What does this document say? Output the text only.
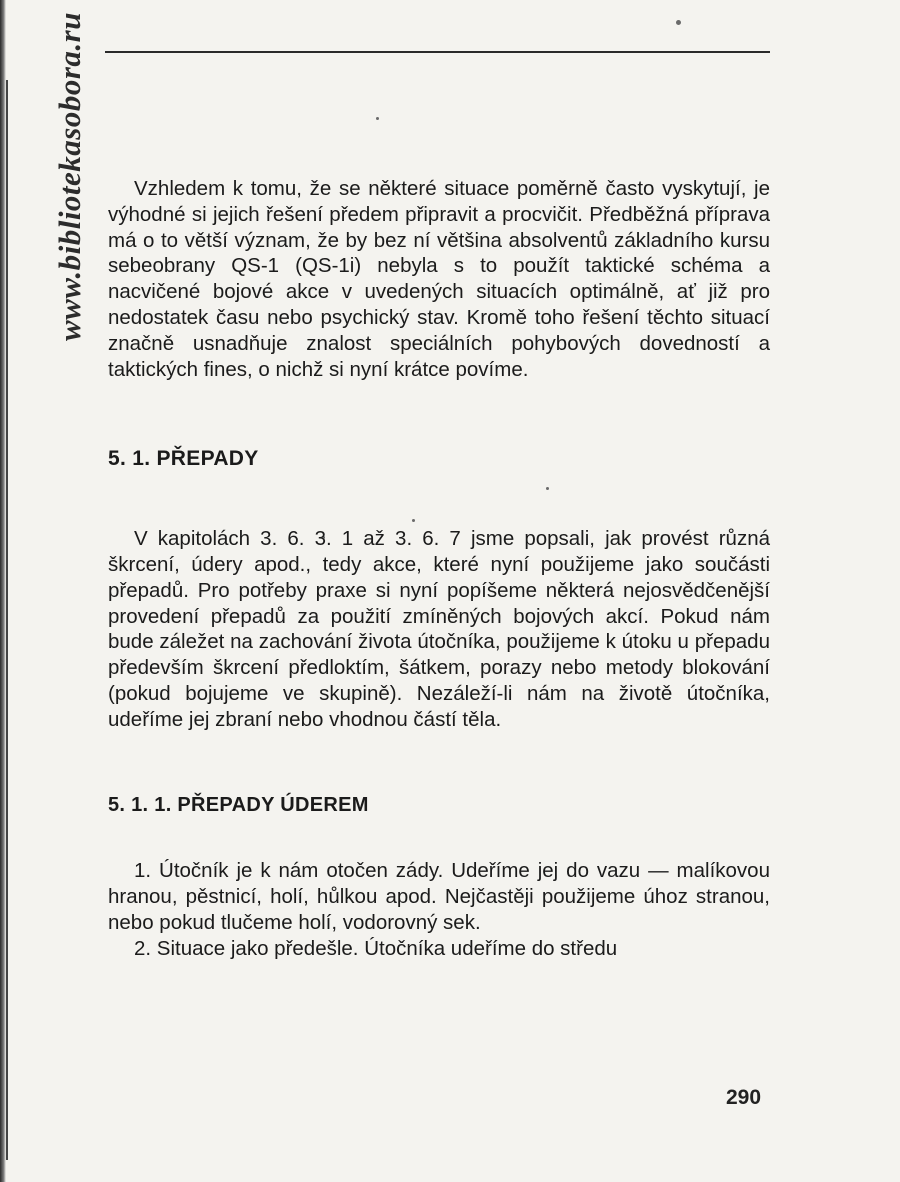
www.bibliotekasobora.ru	Vzhledem k tomu, že se některé situace poměrně často vyskytují, je výhodné si jejich řešení předem připravit a procvičit. Předběžná příprava má o to větší význam, že by bez ní většina absolventů základního kursu sebeobrany QS-1 (QS-1i) nebyla s to použít taktické schéma a nacvičené bojové akce v uvedených situacích optimálně, ať již pro nedostatek času nebo psychický stav. Kromě toho řešení těchto situací značně usnadňuje znalost speciálních pohybových dovedností a taktických fines, o nichž si nyní krátce povíme.

5. 1. PŘEPADY

V kapitolách 3. 6. 3. 1 až 3. 6. 7 jsme popsali, jak provést různá škrcení, údery apod., tedy akce, které nyní použijeme jako součásti přepadů. Pro potřeby praxe si nyní popíšeme některá nejosvědčenější provedení přepadů za použití zmíněných bojových akcí. Pokud nám bude záležet na zachování života útočníka, použijeme k útoku u přepadu především škrcení předloktím, šátkem, porazy nebo metody blokování (pokud bojujeme ve skupině). Nezáleží-li nám na životě útočníka, udeříme jej zbraní nebo vhodnou částí těla.

5. 1. 1. PŘEPADY ÚDEREM

1. Útočník je k nám otočen zády. Udeříme jej do vazu — malíkovou hranou, pěstnicí, holí, hůlkou apod. Nejčastěji použijeme úhoz stranou, nebo pokud tlučeme holí, vodorovný sek.

2. Situace jako předešle. Útočníka udeříme do středu

290
